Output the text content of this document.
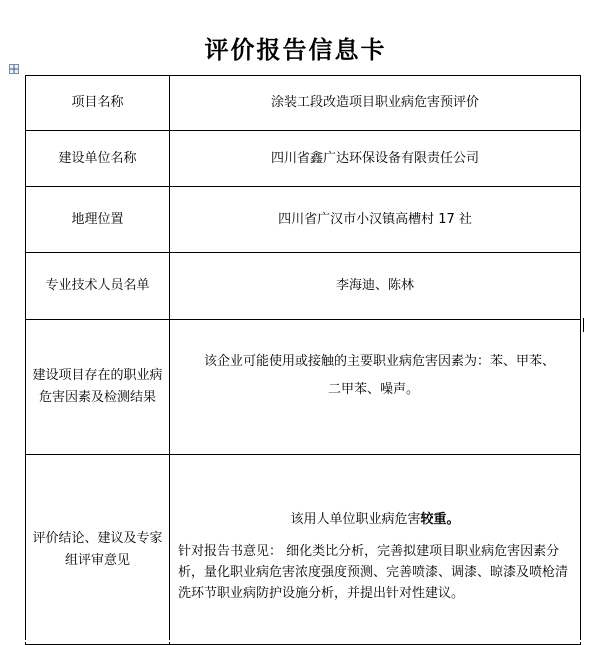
评价报告信息卡
项目名称	涂装工段改造项目职业病危害预评价
建设单位名称	四川省鑫广达环保设备有限责任公司
地理位置	四川省广汉市小汉镇高槽村 17 社
专业技术人员名单	李海迪、陈林
建设项目存在的职业病危害因素及检测结果	该企业可能使用或接触的主要职业病危害因素为：苯、甲苯、
二甲苯、噪声。

评价结论、建议及专家组评审意见	该用人单位职业病危害较重。
针对报告书意见： 细化类比分析，完善拟建项目职业病危害因素分析，量化职业病危害浓度强度预测、完善喷漆、调漆、晾漆及喷枪清洗环节职业病防护设施分析，并提出针对性建议。
